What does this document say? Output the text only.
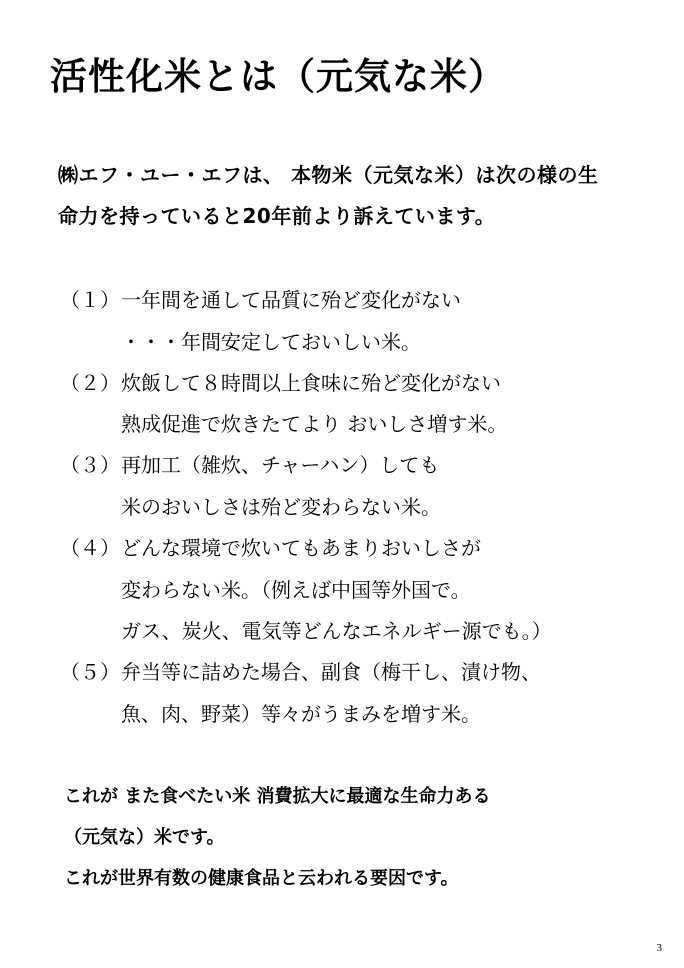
活性化米とは（元気な米）
㈱エフ・ユー・エフは、 本物米（元気な米）は次の様の生
命力を持っていると20年前より訴えています。
（１） 一年間を通して品質に殆ど変化がない
・・・年間安定しておいしい米。
（２） 炊飯して８時間以上食味に殆ど変化がない
熟成促進で炊きたてより おいしさ増す米。
（３） 再加工（雑炊、チャーハン）しても
米のおいしさは殆ど変わらない米。
（４） どんな環境で炊いてもあまりおいしさが
変わらない米。（例えば中国等外国で。
ガス、炭火、電気等どんなエネルギー源でも。）
（５） 弁当等に詰めた場合、副食（梅干し、漬け物、
魚、肉、野菜）等々がうまみを増す米。
これが また食べたい米 消費拡大に最適な生命力ある
（元気な）米です。
これが世界有数の健康食品と云われる要因です。
3
